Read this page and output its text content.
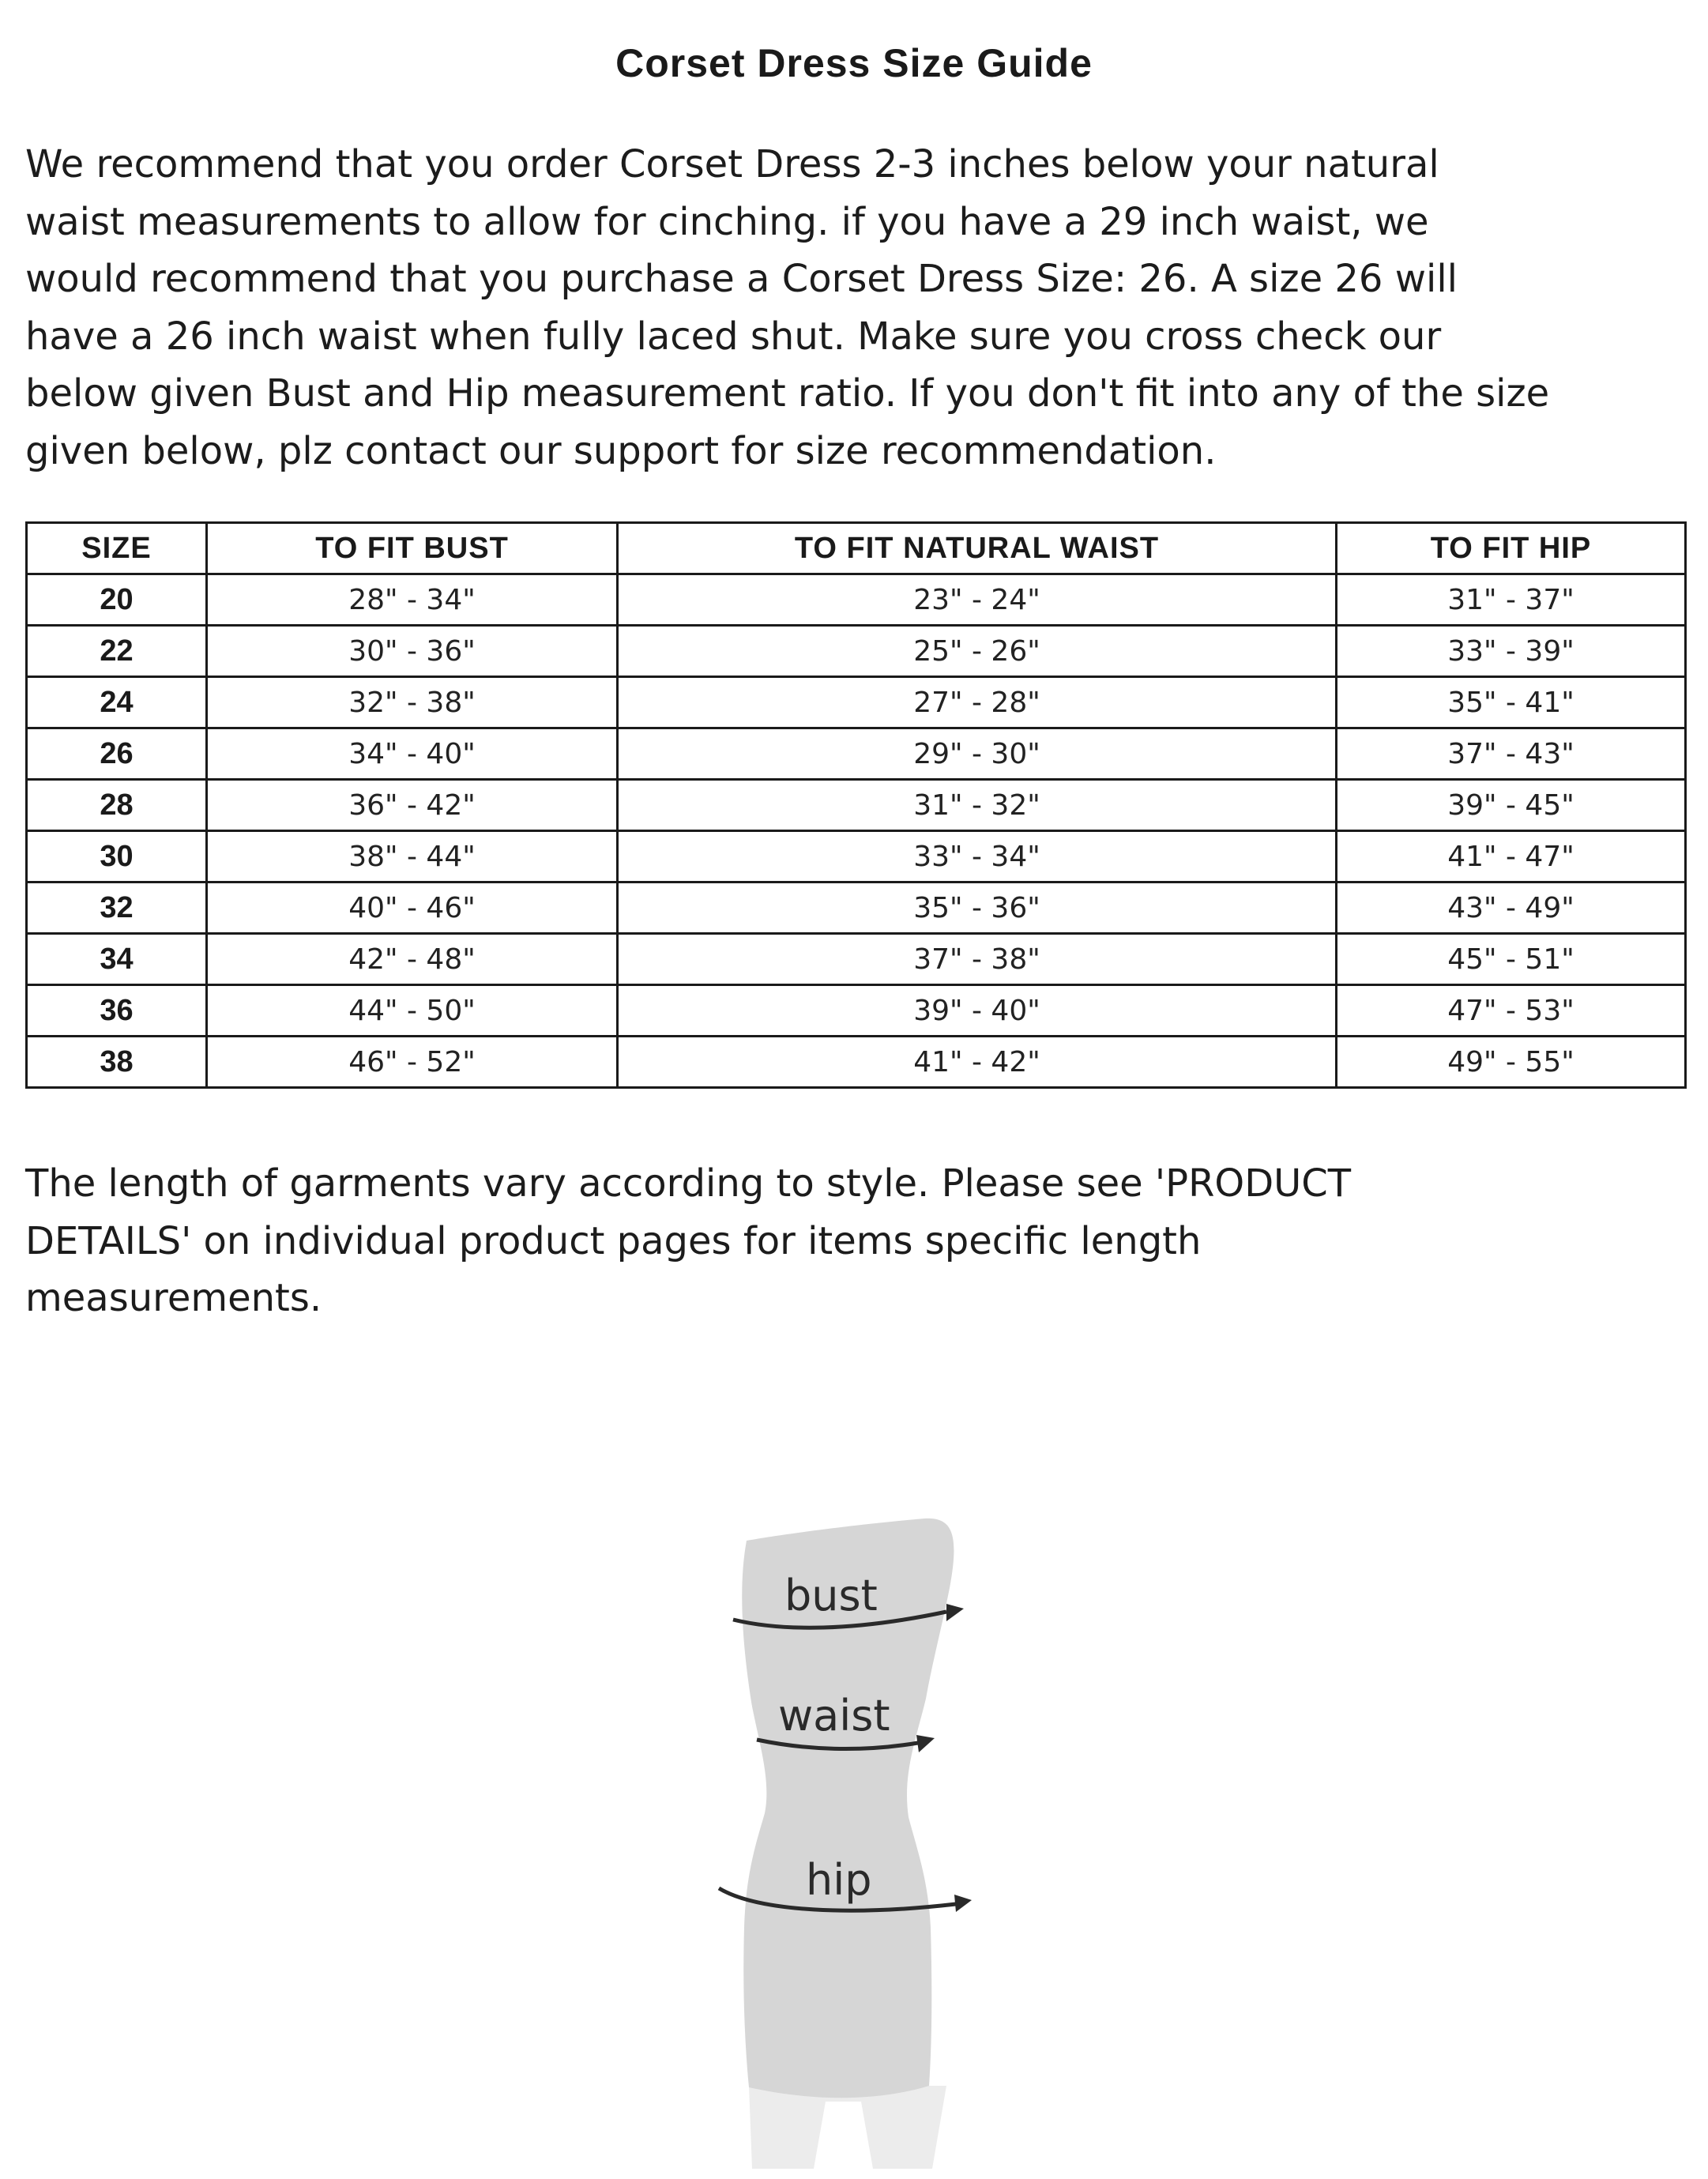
Corset Dress Size Guide

We recommend that you order Corset Dress 2-3 inches below your natural
waist measurements to allow for cinching. if you have a 29 inch waist, we
would recommend that you purchase a Corset Dress Size: 26. A size 26 will
have a 26 inch waist when fully laced shut. Make sure you cross check our
below given Bust and Hip measurement ratio. If you don't fit into any of the size
given below, plz contact our support for size recommendation.

SIZE	TO FIT BUST	TO FIT NATURAL WAIST	TO FIT HIP
20	28" - 34"	23" - 24"	31" - 37"
22	30" - 36"	25" - 26"	33" - 39"
24	32" - 38"	27" - 28"	35" - 41"
26	34" - 40"	29" - 30"	37" - 43"
28	36" - 42"	31" - 32"	39" - 45"
30	38" - 44"	33" - 34"	41" - 47"
32	40" - 46"	35" - 36"	43" - 49"
34	42" - 48"	37" - 38"	45" - 51"
36	44" - 50"	39" - 40"	47" - 53"
38	46" - 52"	41" - 42"	49" - 55"

The length of garments vary according to style. Please see 'PRODUCT
DETAILS' on individual product pages for items specific length
measurements.

bust
waist
hip
